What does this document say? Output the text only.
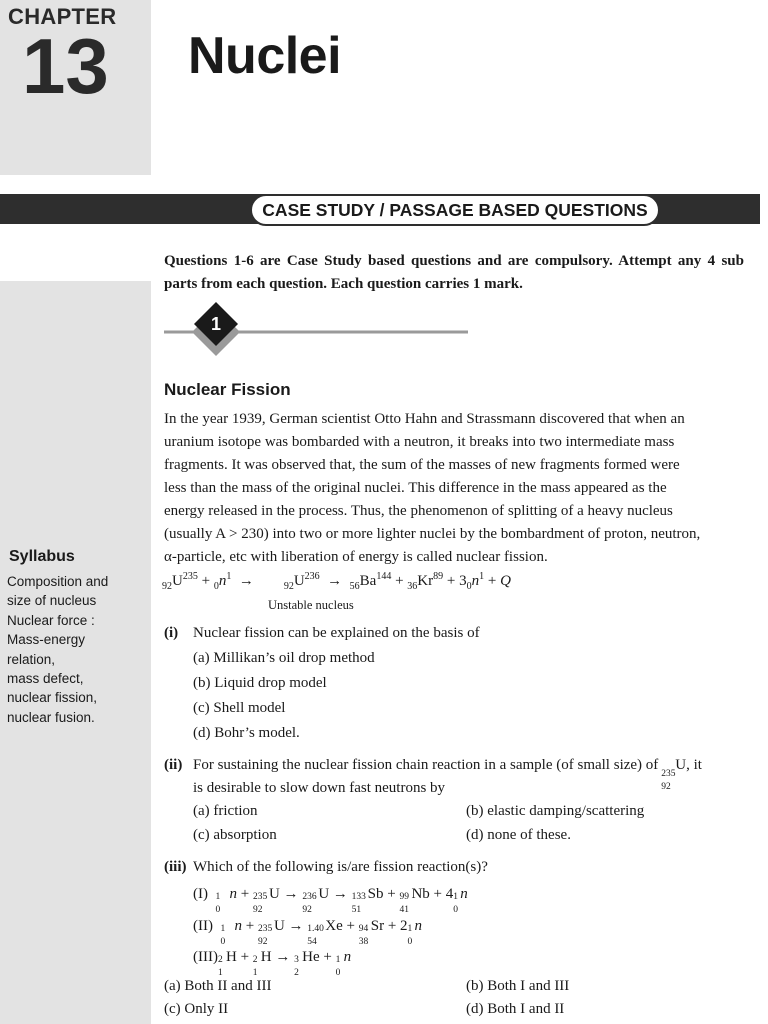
CHAPTER
13 Nuclei
CASE STUDY / PASSAGE BASED QUESTIONS
Syllabus
Composition and
size of nucleus
Nuclear force :
Mass-energy
relation,
mass defect,
nuclear fission,
nuclear fusion.
Questions 1-6 are Case Study based questions and are compulsory. Attempt any 4 sub parts from each question. Each question carries 1 mark.
1
Nuclear Fission
In the year 1939, German scientist Otto Hahn and Strassmann discovered that when an
uranium isotope was bombarded with a neutron, it breaks into two intermediate mass
fragments. It was observed that, the sum of the masses of new fragments formed were
less than the mass of the original nuclei. This difference in the mass appeared as the
energy released in the process. Thus, the phenomenon of splitting of a heavy nucleus
(usually A > 230) into two or more lighter nuclei by the bombardment of proton, neutron,
α-particle, etc with liberation of energy is called nuclear fission.
$_{92}U^{235} + _0n^1$  →        $_{92}U^{236} \to _{56}Ba^{144} + _{36}Kr^{89} + 3_0n^1 + Q$
Unstable nucleus
(i) Nuclear fission can be explained on the basis of
(a) Millikan’s oil drop method
(b) Liquid drop model
(c) Shell model
(d) Bohr’s model.
(ii) For sustaining the nuclear fission chain reaction in a sample (of small size) of
235
92
U, it
is desirable to slow down fast neutrons by
(a) friction	(b) elastic damping/scattering
(c) absorption	(d) none of these.
(iii) Which of the following is/are fission reaction(s)?
(I) 1
0
n + 235
92
U → 236
92
U → 133
51
Sb + 99
41
Nb + 4 1
0
n
(II) 1
0
n + 235
92
U → 1.40
54
Xe + 94
38
Sr + 2 1
0
n
(III) 2
1
H + 2
1
H → 3
2
He + 1
0
n
(a) Both II and III	(b) Both I and III
(c) Only II	(d) Both I and II
